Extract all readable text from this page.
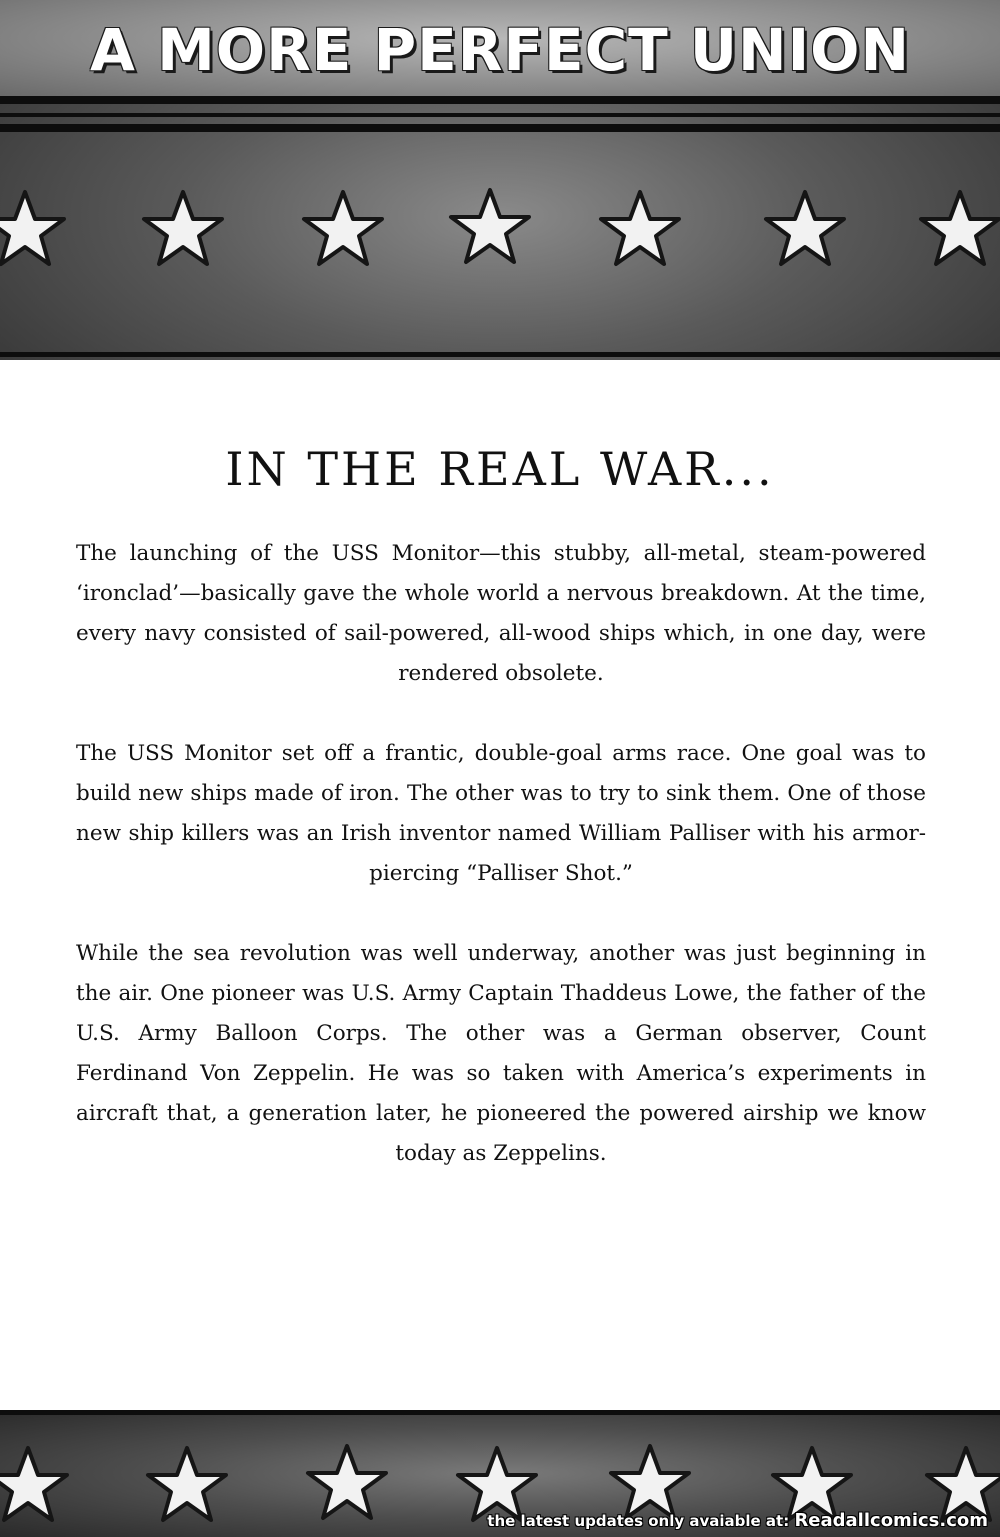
A MORE PERFECT UNION
IN THE REAL WAR...

The launching of the USS Monitor—this stubby, all-metal, steam-powered ‘ironclad’—basically gave the whole world a nervous breakdown. At the time, every navy consisted of sail-powered, all-wood ships which, in one day, were rendered obsolete.

The USS Monitor set off a frantic, double-goal arms race. One goal was to build new ships made of iron. The other was to try to sink them. One of those new ship killers was an Irish inventor named William Palliser with his armor-piercing “Palliser Shot.”

While the sea revolution was well underway, another was just beginning in the air. One pioneer was U.S. Army Captain Thaddeus Lowe, the father of the U.S. Army Balloon Corps. The other was a German observer, Count Ferdinand Von Zeppelin. He was so taken with America’s experiments in aircraft that, a generation later, he pioneered the powered airship we know today as Zeppelins.

the latest updates only avaiable at: Readallcomics.com
